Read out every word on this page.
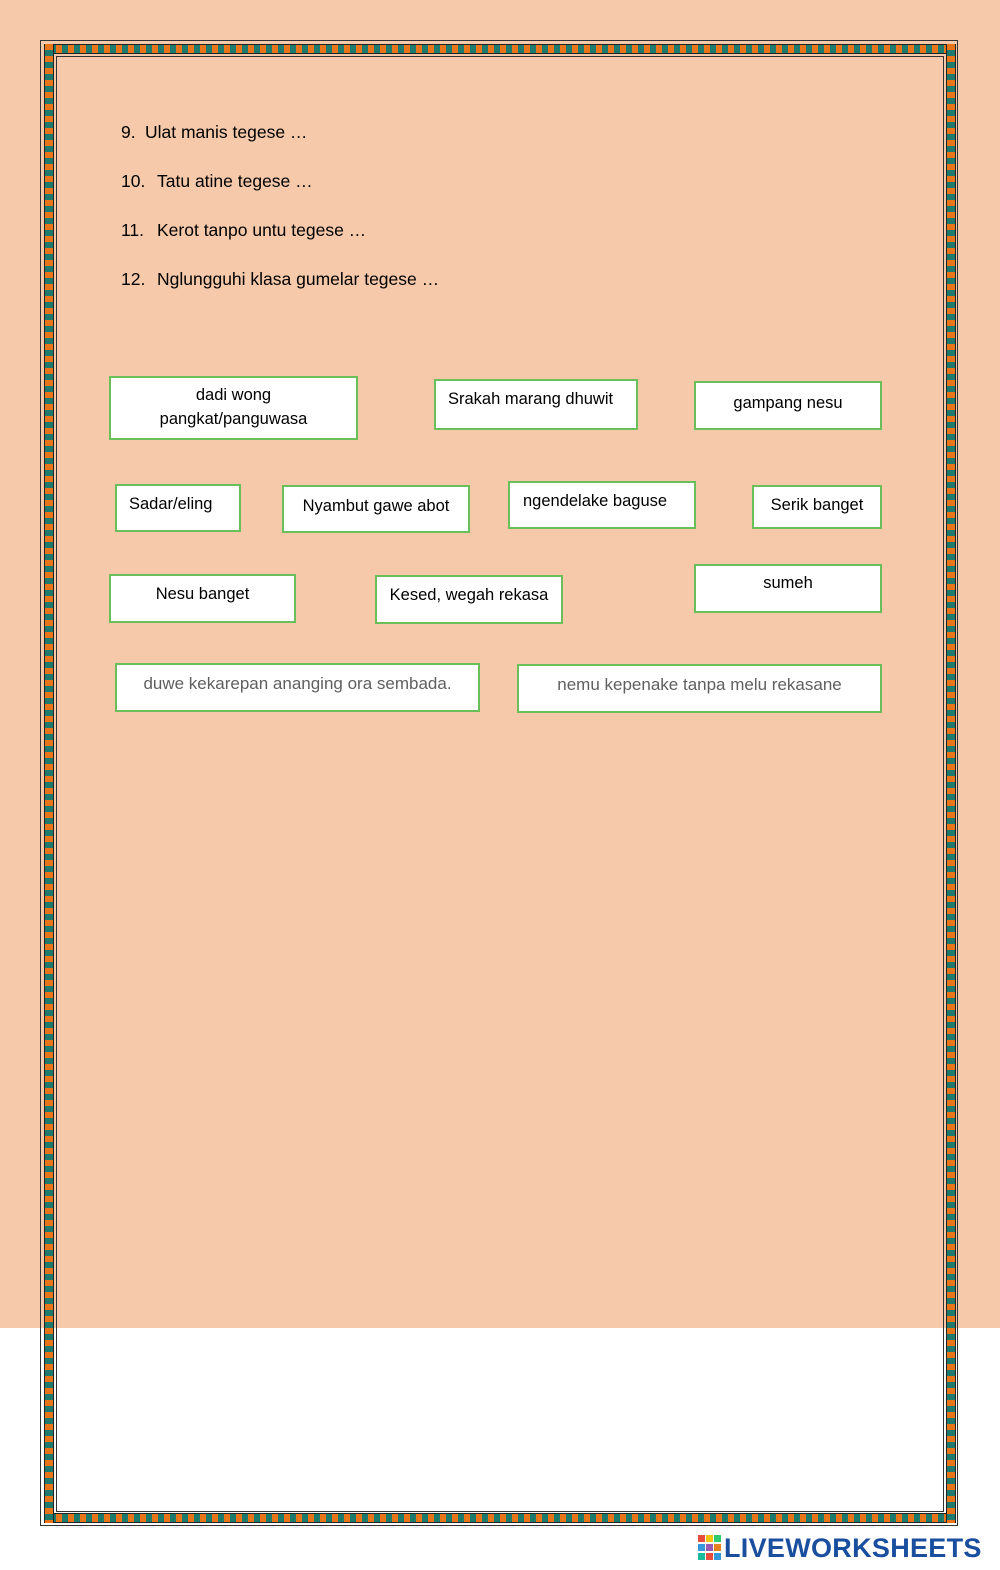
9. Ulat manis tegese …
10. Tatu atine tegese …
11. Kerot tanpo untu tegese …
12. Nglungguhi klasa gumelar tegese …
dadi wong
pangkat/panguwasa
Srakah marang dhuwit	gampang nesu
Sadar/eling	Nyambut gawe abot	ngendelake baguse	Serik banget
Nesu banget	Kesed, wegah rekasa
sumeh
duwe kekarepan ananging ora sembada.	nemu kepenake tanpa melu rekasane
LIVEWORKSHEETS
